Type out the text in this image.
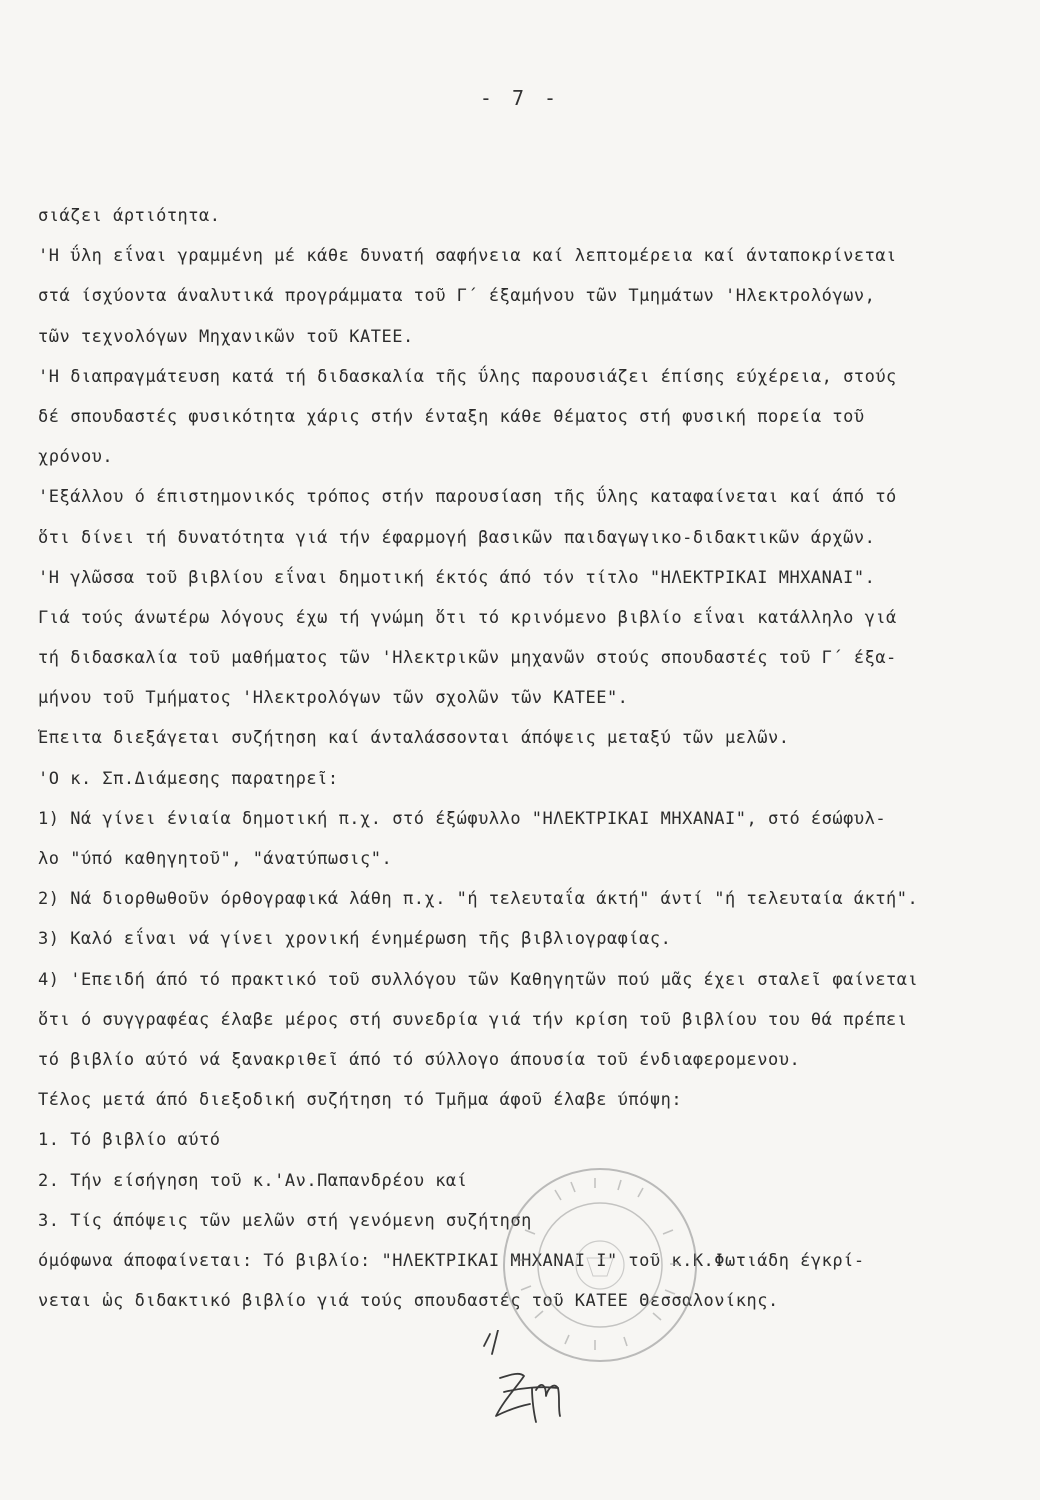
- 7 -
σιάζει άρτιότητα.
'Η ΰλη εΐναι γραμμένη μέ κάθε δυνατή σαφήνεια καί λεπτομέρεια καί άνταποκρίνεται
στά ίσχύοντα άναλυτικά προγράμματα τοῦ Γ΄ έξαμήνου τῶν Τμημάτων 'Ηλεκτρολόγων,
τῶν τεχνολόγων Μηχανικῶν τοῦ ΚΑΤΕΕ.
'Η διαπραγμάτευση κατά τή διδασκαλία τῆς ΰλης παρουσιάζει έπίσης εύχέρεια, στούς
δέ σπουδαστές φυσικότητα χάρις στήν ένταξη κάθε θέματος στή φυσική πορεία τοῦ
χρόνου.
'Εξάλλου ό έπιστημονικός τρόπος στήν παρουσίαση τῆς ΰλης καταφαίνεται καί άπό τό
ὅτι δίνει τή δυνατότητα γιά τήν έφαρμογή βασικῶν παιδαγωγικο-διδακτικῶν άρχῶν.
'Η γλῶσσα τοῦ βιβλίου εΐναι δημοτική έκτός άπό τόν τίτλο "ΗΛΕΚΤΡΙΚΑΙ ΜΗΧΑΝΑΙ".
Γιά τούς άνωτέρω λόγους έχω τή γνώμη ὅτι τό κρινόμενο βιβλίο εΐναι κατάλληλο γιά
τή διδασκαλία τοῦ μαθήματος τῶν 'Ηλεκτρικῶν μηχανῶν στούς σπουδαστές τοῦ Γ΄ έξα-
μήνου τοῦ Τμήματος 'Ηλεκτρολόγων τῶν σχολῶν τῶν ΚΑΤΕΕ".
Έπειτα διεξάγεται συζήτηση καί άνταλάσσονται άπόψεις μεταξύ τῶν μελῶν.
'Ο κ. Σπ.Διάμεσης παρατηρεῖ:
1) Νά γίνει ένιαία δημοτική π.χ. στό έξώφυλλο "ΗΛΕΚΤΡΙΚΑΙ ΜΗΧΑΝΑΙ", στό έσώφυλ-
λο "ύπό καθηγητοῦ", "άνατύπωσις".
2) Νά διορθωθοῦν όρθογραφικά λάθη π.χ. "ή τελευταΐα άκτή" άντί "ή τελευταία άκτή".
3) Καλό εΐναι νά γίνει χρονική ένημέρωση τῆς βιβλιογραφίας.
4) 'Επειδή άπό τό πρακτικό τοῦ συλλόγου τῶν Καθηγητῶν πού μᾶς έχει σταλεῖ φαίνεται
ὅτι ό συγγραφέας έλαβε μέρος στή συνεδρία γιά τήν κρίση τοῦ βιβλίου του θά πρέπει
τό βιβλίο αύτό νά ξανακριθεῖ άπό τό σύλλογο άπουσία τοῦ ένδιαφερομενου.
Τέλος μετά άπό διεξοδική συζήτηση τό Τμῆμα άφοῦ έλαβε ύπόψη:
1. Τό βιβλίο αύτό
2. Τήν είσήγηση τοῦ κ.'Αν.Παπανδρέου καί
3. Τίς άπόψεις τῶν μελῶν στή γενόμενη συζήτηση
όμόφωνα άποφαίνεται: Τό βιβλίο: "ΗΛΕΚΤΡΙΚΑΙ ΜΗΧΑΝΑΙ Ι" τοῦ κ.Κ.Φωτιάδη έγκρί-
νεται ὡς διδακτικό βιβλίο γιά τούς σπουδαστές τοῦ ΚΑΤΕΕ Θεσσαλονίκης.
